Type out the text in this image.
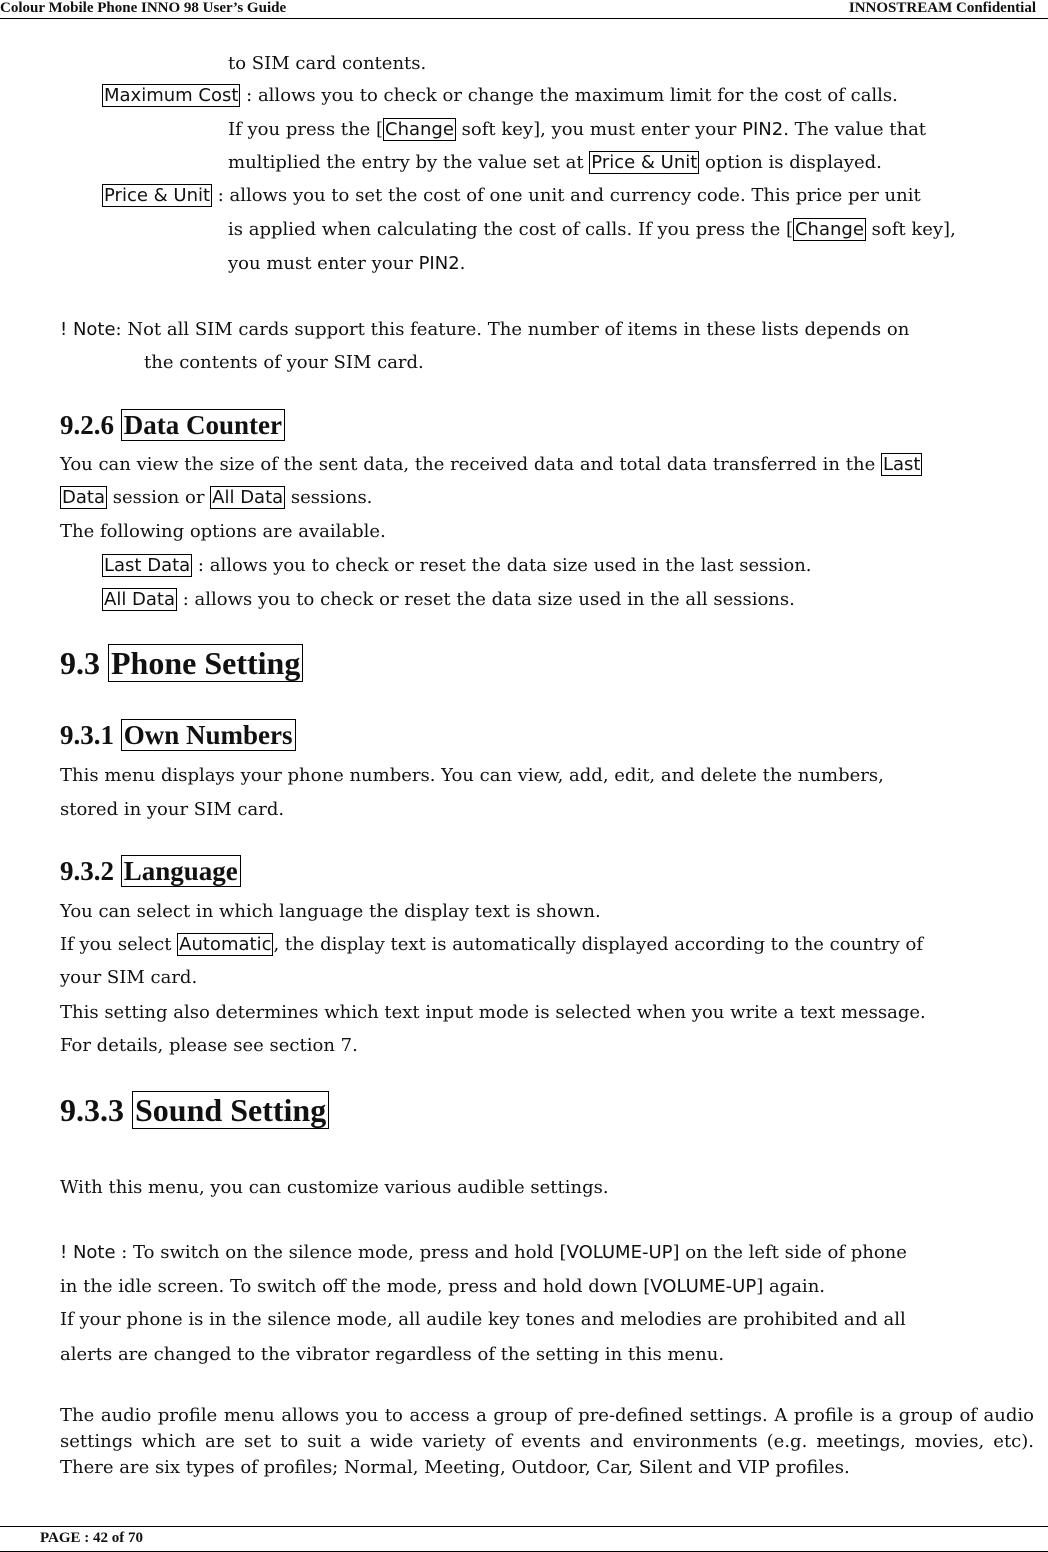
Colour Mobile Phone INNO 98 User’s Guide	INNOSTREAM Confidential
to SIM card contents.
Maximum Cost : allows you to check or change the maximum limit for the cost of calls.
If you press the [ Change soft key], you must enter your PIN2. The value that
multiplied the entry by the value set at Price & Unit option is displayed.
Price & Unit : allows you to set the cost of one unit and currency code. This price per unit
is applied when calculating the cost of calls. If you press the [ Change soft key],
you must enter your PIN2.
! Note: Not all SIM cards support this feature. The number of items in these lists depends on
the contents of your SIM card.
9.2.6 Data Counter
You can view the size of the sent data, the received data and total data transferred in the Last
Data session or All Data sessions.
The following options are available.
Last Data : allows you to check or reset the data size used in the last session.
All Data : allows you to check or reset the data size used in the all sessions.
9.3 Phone Setting
9.3.1 Own Numbers
This menu displays your phone numbers. You can view, add, edit, and delete the numbers,
stored in your SIM card.
9.3.2 Language
You can select in which language the display text is shown.
If you select Automatic , the display text is automatically displayed according to the country of
your SIM card.
This setting also determines which text input mode is selected when you write a text message.
For details, please see section 7.
9.3.3 Sound Setting
With this menu, you can customize various audible settings.
! Note : To switch on the silence mode, press and hold [VOLUME-UP] on the left side of phone
in the idle screen. To switch off the mode, press and hold down [VOLUME-UP] again.
If your phone is in the silence mode, all audile key tones and melodies are prohibited and all
alerts are changed to the vibrator regardless of the setting in this menu.
The audio profile menu allows you to access a group of pre-defined settings. A profile is a group of audio settings which are set to suit a wide variety of events and environments (e.g. meetings, movies, etc). There are six types of profiles; Normal, Meeting, Outdoor, Car, Silent and VIP profiles.
PAGE : 42 of 70
